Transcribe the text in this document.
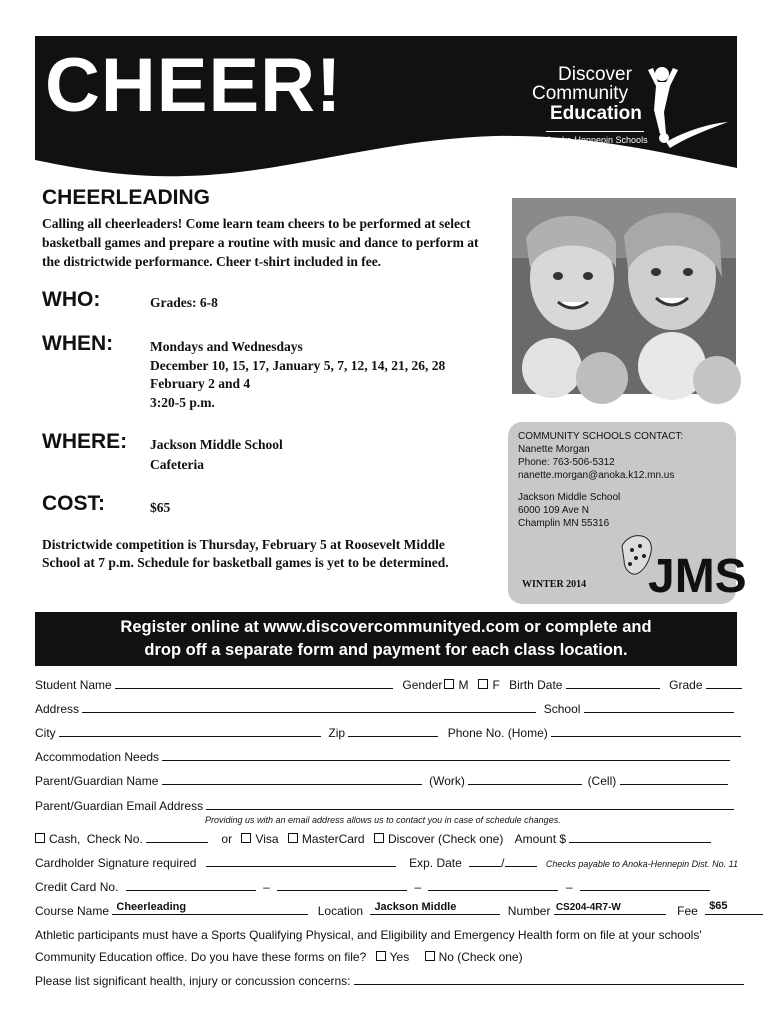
CHEER!	Discover
Community
Education
Anoka-Hennepin Schools
CHEERLEADING
Calling all cheerleaders! Come learn team cheers to be performed at select basketball games and prepare a routine with music and dance to perform at the districtwide performance. Cheer t-shirt included in fee.
WHO:	Grades: 6-8
WHEN:	Mondays and Wednesdays
December 10, 15, 17, January 5, 7, 12, 14, 21, 26, 28
February 2 and 4
3:20-5 p.m.
WHERE: Jackson Middle School
Cafeteria
COST:	$65
Districtwide competition is Thursday, February 5 at Roosevelt Middle School at 7 p.m. Schedule for basketball games is yet to be determined.
COMMUNITY SCHOOLS CONTACT:
Nanette Morgan
Phone: 763-506-5312
nanette.morgan@anoka.k12.mn.us
Jackson Middle School
6000 109 Ave N
Champlin MN 55316
WINTER 2014 JMS
Register online at www.discovercommunityed.com or complete and
drop off a separate form and payment for each class location.
Student Name	Gender M F Birth Date	Grade
Address	School
City	Zip	Phone No. (Home)
Accommodation Needs
Parent/Guardian Name	(Work)	(Cell)
Parent/Guardian Email Address
Providing us with an email address allows us to contact you in case of schedule changes.
Cash, Check No.	or Visa MasterCard Discover (Check one) Amount $
Cardholder Signature required	Exp. Date	/	Checks payable to Anoka-Hennepin Dist. No. 11
Credit Card No.	–	–	–
Course Name Cheerleading	Location Jackson Middle	Number CS204-4R7-W	Fee $65
Athletic participants must have a Sports Qualifying Physical, and Eligibility and Emergency Health form on file at your schools'
Community Education office. Do you have these forms on file? Yes No (Check one)
Please list significant health, injury or concussion concerns:
